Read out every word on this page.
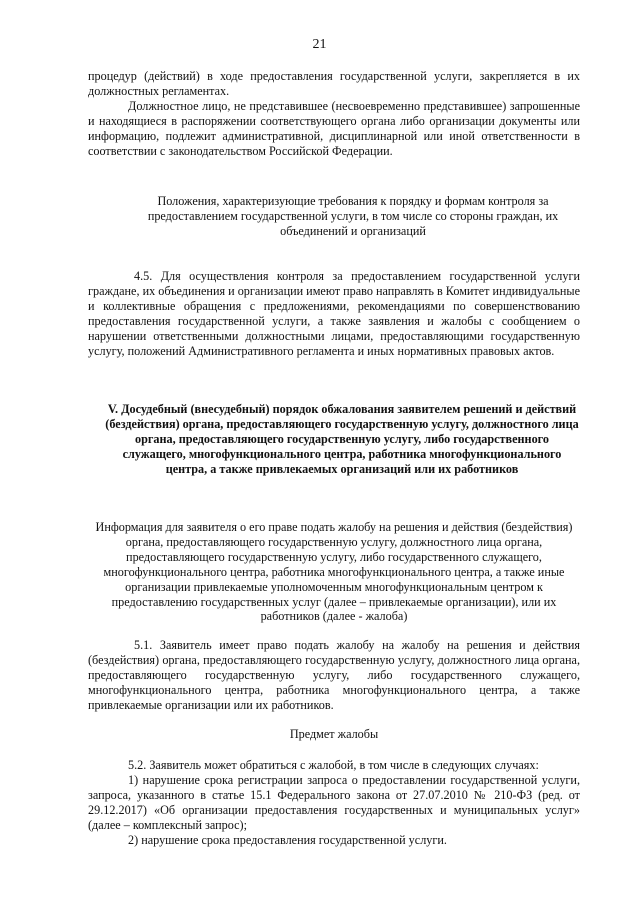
21

процедур (действий) в ходе предоставления государственной услуги, закрепляется в их должностных регламентах.

Должностное лицо, не представившее (несвоевременно представившее) запрошенные и находящиеся в распоряжении соответствующего органа либо организации документы или информацию, подлежит административной, дисциплинарной или иной ответственности в соответствии с законодательством Российской Федерации.

Положения, характеризующие требования к порядку и формам контроля за предоставлением государственной услуги, в том числе со стороны граждан, их объединений и организаций

4.5. Для осуществления контроля за предоставлением государственной услуги граждане, их объединения и организации имеют право направлять в Комитет индивидуальные и коллективные обращения с предложениями, рекомендациями по совершенствованию предоставления государственной услуги, а также заявления и жалобы с сообщением о нарушении ответственными должностными лицами, предоставляющими государственную услугу, положений Административного регламента и иных нормативных правовых актов.

V. Досудебный (внесудебный) порядок обжалования заявителем решений и действий (бездействия) органа, предоставляющего государственную услугу, должностного лица органа, предоставляющего государственную услугу, либо государственного служащего, многофункционального центра, работника многофункционального центра, а также привлекаемых организаций или их работников

Информация для заявителя о его праве подать жалобу на решения и действия (бездействия) органа, предоставляющего государственную услугу, должностного лица органа, предоставляющего государственную услугу, либо государственного служащего, многофункционального центра, работника многофункционального центра, а также иные организации привлекаемые уполномоченным многофункциональным центром к предоставлению государственных услуг (далее – привлекаемые организации), или их работников (далее - жалоба)

5.1. Заявитель имеет право подать жалобу на жалобу на решения и действия (бездействия) органа, предоставляющего государственную услугу, должностного лица органа, предоставляющего государственную услугу, либо государственного служащего, многофункционального центра, работника многофункционального центра, а также привлекаемые организации или их работников.

Предмет жалобы

5.2. Заявитель может обратиться с жалобой, в том числе в следующих случаях:

1) нарушение срока регистрации запроса о предоставлении государственной услуги, запроса, указанного в статье 15.1 Федерального закона от 27.07.2010 № 210-ФЗ (ред. от 29.12.2017) «Об организации предоставления государственных и муниципальных услуг» (далее – комплексный запрос);

2) нарушение срока предоставления государственной услуги.
